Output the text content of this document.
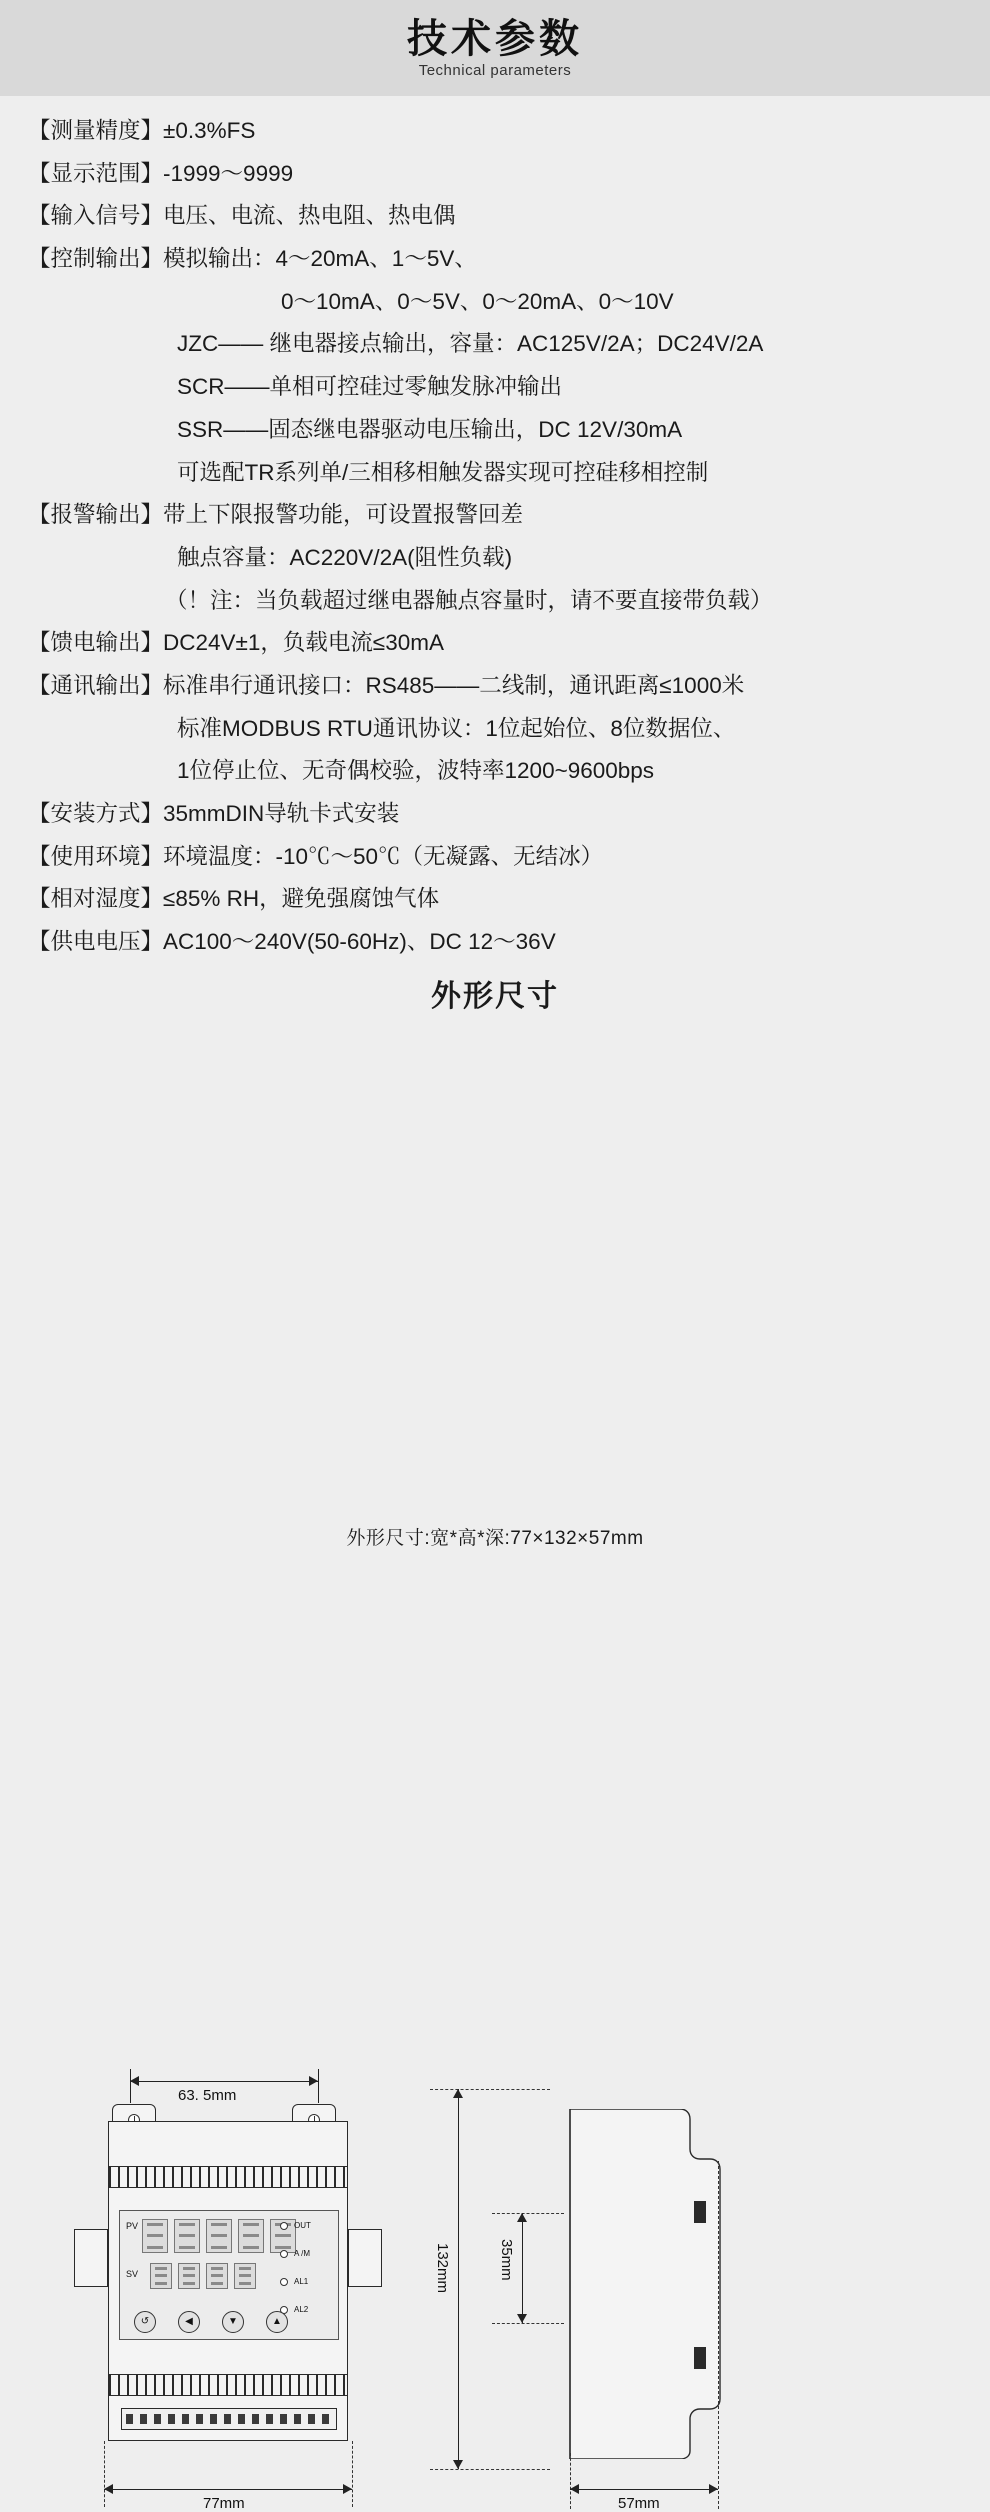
技术参数
Technical parameters
【测量精度】 ±0.3%FS
【显示范围】 -1999～9999
【输入信号】 电压、电流、热电阻、热电偶
【控制输出】 模拟输出：4～20mA、1～5V、
0～10mA、0～5V、0～20mA、0～10V
JZC—— 继电器接点输出，容量：AC125V/2A；DC24V/2A
SCR——单相可控硅过零触发脉冲输出
SSR——固态继电器驱动电压输出，DC 12V/30mA
可选配TR系列单/三相移相触发器实现可控硅移相控制
【报警输出】 带上下限报警功能，可设置报警回差
触点容量：AC220V/2A(阻性负载)
（！注：当负载超过继电器触点容量时，请不要直接带负载）
【馈电输出】 DC24V±1，负载电流≤30mA
【通讯输出】 标准串行通讯接口：RS485——二线制，通讯距离≤1000米
标准MODBUS RTU通讯协议：1位起始位、8位数据位、
1位停止位、无奇偶校验，波特率1200~9600bps
【安装方式】 35mmDIN导轨卡式安装
【使用环境】 环境温度：-10℃～50℃（无凝露、无结冰）
【相对湿度】 ≤85% RH，避免强腐蚀气体
【供电电压】 AC100～240V(50-60Hz)、DC 12～36V
外形尺寸
63. 5mm
PV
SV
OUT
A /M
AL1
AL2
↺	◀	▼	▲
77mm
132mm	35mm
57mm
外形尺寸:宽*高*深:77×132×57mm
